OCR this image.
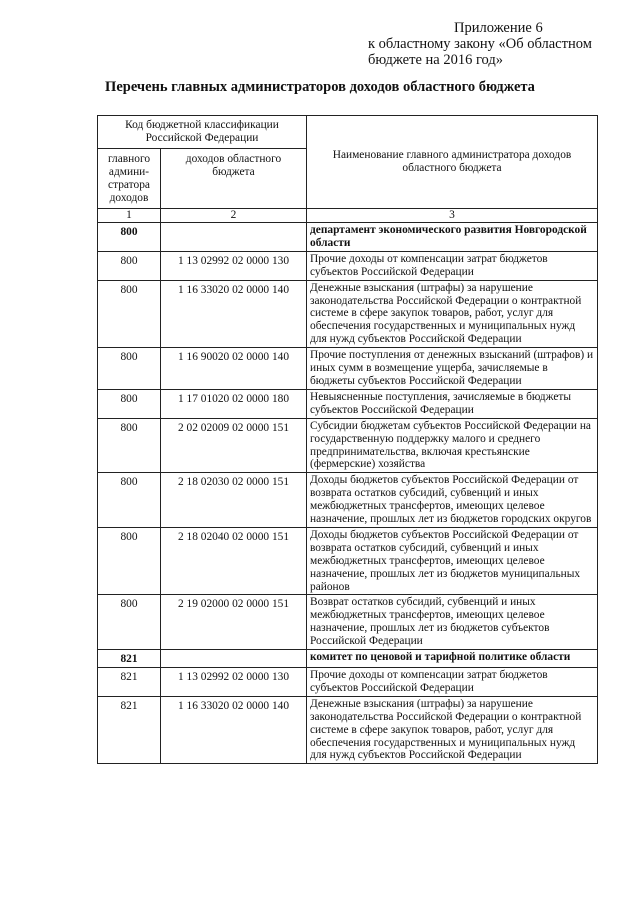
Приложение 6
к областному закону «Об областном
бюджете на 2016 год»
Перечень главных администраторов доходов областного бюджета
Код бюджетной классификации Российской Федерации		Наименование главного администратора доходов областного бюджета
главного админи-стратора доходов	доходов областного бюджета	
1	2	3
800		департамент экономического развития Новгородской области
800	1 13 02992 02 0000 130	Прочие доходы от компенсации затрат бюджетов субъектов Российской Федерации
800	1 16 33020 02 0000 140	Денежные взыскания (штрафы) за нарушение законодательства Российской Федерации о контрактной системе в сфере закупок товаров, работ, услуг для обеспечения государственных и муниципальных нужд для нужд субъектов Российской Федерации
800	1 16 90020 02 0000 140	Прочие поступления от денежных взысканий (штрафов) и иных сумм в возмещение ущерба, зачисляемые в бюджеты субъектов Российской Федерации
800	1 17 01020 02 0000 180	Невыясненные поступления, зачисляемые в бюджеты субъектов Российской Федерации
800	2 02 02009 02 0000 151	Субсидии бюджетам субъектов Российской Федерации на государственную поддержку малого и среднего предпринимательства, включая крестьянские (фермерские) хозяйства
800	2 18 02030 02 0000 151	Доходы бюджетов субъектов Российской Федерации от возврата остатков субсидий, субвенций и иных межбюджетных трансфертов, имеющих целевое назначение, прошлых лет из бюджетов городских округов
800	2 18 02040 02 0000 151	Доходы бюджетов субъектов Российской Федерации от возврата остатков субсидий, субвенций и иных межбюджетных трансфертов, имеющих целевое назначение, прошлых лет из бюджетов муниципальных районов
800	2 19 02000 02 0000 151	Возврат остатков субсидий, субвенций и иных межбюджетных трансфертов, имеющих целевое назначение, прошлых лет из бюджетов субъектов Российской Федерации
821		комитет по ценовой и тарифной политике области
821	1 13 02992 02 0000 130	Прочие доходы от компенсации затрат бюджетов субъектов Российской Федерации
821	1 16 33020 02 0000 140	Денежные взыскания (штрафы) за нарушение законодательства Российской Федерации о контрактной системе в сфере закупок товаров, работ, услуг для обеспечения государственных и муниципальных нужд для нужд субъектов Российской Федерации
